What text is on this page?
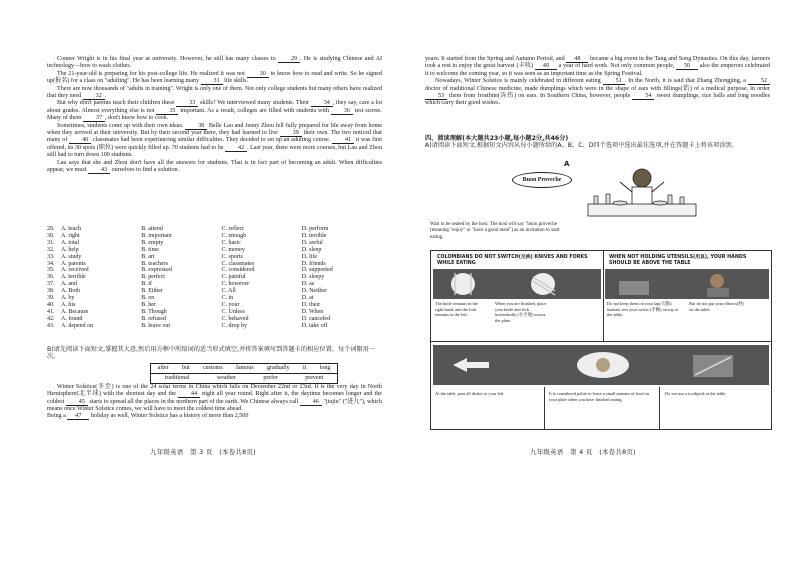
Conner Wright is in his final year at university. However, he still has many classes to	29 . He is studying Chinese and AI technology—how to wash clothes.

The 21-year-old is preparing for his post-college life. He realized it was not 30 to know how to read and write. So he signed up(报名) for a class on "adulting". He has been learning many 31 life skills.

There are now thousands of "adults in training". Wright is only one of them. Not only college students but many others have realized that they need 32 .

But why don't parents teach their children these 33 skills? We interviewed many students. Their 34 , they say, care a lot about grades. Almost everything else is not 35 important. As a result, colleges are filled with students with 36 test scores. Many of them 37 , don't know how to cook.

Sometimes, students come up with their own ideas. 38 Belle Lau and Jenny Zhou fell fully prepared for life away from home when they arrived at their university. But by their second year there, they had learned to live 39 their own. The two noticed that many of 40 classmates had been experiencing similar difficulties. They decided to set up an adulting course. 41 it was first offered, its 30 spots (职位) were quickly filled up. 70 students had to be 42 . Last year, there were more courses, but Lau and Zhou still had to turn down 100 students.

Lau says that she and Zhou don't have all the answers for students. That is in fact part of becoming an adult. When difficulties appear, we must 43 ourselves to find a solution.

29.	A. teach	B. attend	C. reflect	D. perform
30.	A. right	B. important	C. enough	D. terrible
31.	A. total	B. empty	C. basic	D. awful
32.	A. help	B. time	C. money	D. sleep
33.	A. study	B. art	C. sports	D. life
34.	A. parents	B. teachers	C. classmates	D. friends
35.	A. received	B. expressed	C. considered	D. supported
36.	A. terrible	B. perfect	C. painful	D. sleepy
37.	A. and	B. if	C. however	D. as
38.	A. Both	B. Either	C. All	D. Neither
39.	A. by	B. on	C. in	D. at
40.	A. his	B. her	C. your	D. their
41.	A. Because	B. Though	C. Unless	D. When
42.	A. found	B. refused	C. behaved	D. canceled
43.	A. depend on	B. leave out	C. drop by	D. take off
B)请先阅读下面短文,掌握其大意,然后用方框中所给词的适当形式填空,并将答案填写到答题卡的相应位置。每个词限用一次。
after but customs famous gradually it long
traditional	weather	prefer	prevent

Winter Solstice(冬至) is one of the 24 solar terms in China which falls on December 22nd or 23rd. It is the very day in North Hemisphere(北半球) with the shortest day and the 44 night all year round. Right after it, the daytime becomes longer and the coldest 45 starts to spread all the places in the northern part of the earth. We Chinese always call 46 "jiujiu" ("进九"), which means once Winter Solstice comes, we will have to meet the coldest time ahead.

Being a 47 holiday as well, Winter Solstice has a history of more than 2,500

九年级英语　第 3 页　(本卷共8页)

years. It started from the Spring and Autumn Period, and 48 became a big event in the Tang and Song Dynasties. On this day, farmers took a rest to enjoy the great harvest (丰收) 49 a year of hard work. Not only common people, 50 also the emperors celebrated it to welcome the coming year, so it was seen as an important time as the Spring Festival.

Nowadays, Winter Solstice is mainly celebrated in different eating 51 . In the North, it is said that Zhang Zhongjing, a 52 doctor of traditional Chinese medicine, made dumplings which were in the shape of ears with fillings(馅) of a medical purpose, in order 53 them from frostbite(冻伤) on ears. In Southern China, however, people 54 sweet dumplings, rice balls and long noodles which carry their good wishes.

四、阅读理解(本大题共23小题,每小题2分,共46分)
A)请阅读下面短文,根据短文内容从每小题所给的A、B、C、D四个选项中选出最佳选项,并在答题卡上将该项涂黑。
A
Buon Proveche
Wait to be seated by the host. The host will say "buon proveche (meaning "enjoy" or "have a good meal") as an invitation to start eating.
COLOMBIANS DO NOT SWITCH(交换) KNIVES AND FORKS WHILE EATING
WHEN NOT HOLDING UTENSILS(用具), YOUR HANDS SHOULD BE ABOVE THE TABLE
The knife remains in the right hand, and the fork remains in the left.
When you are finished, place your knife and fork horizontally (水平地) across the plate.
Do not keep them on your lap(大腿); instead, rest your wrists (手腕) on top of the table.
But do not put your elbows(肘) on the table.
At the table, pass all dishes to your left.	It is considered polite to leave a small amount of food on your plate when you have finished eating.
Do not use a toothpick at the table.
九年级英语　第 4 页　(本卷共8页)
